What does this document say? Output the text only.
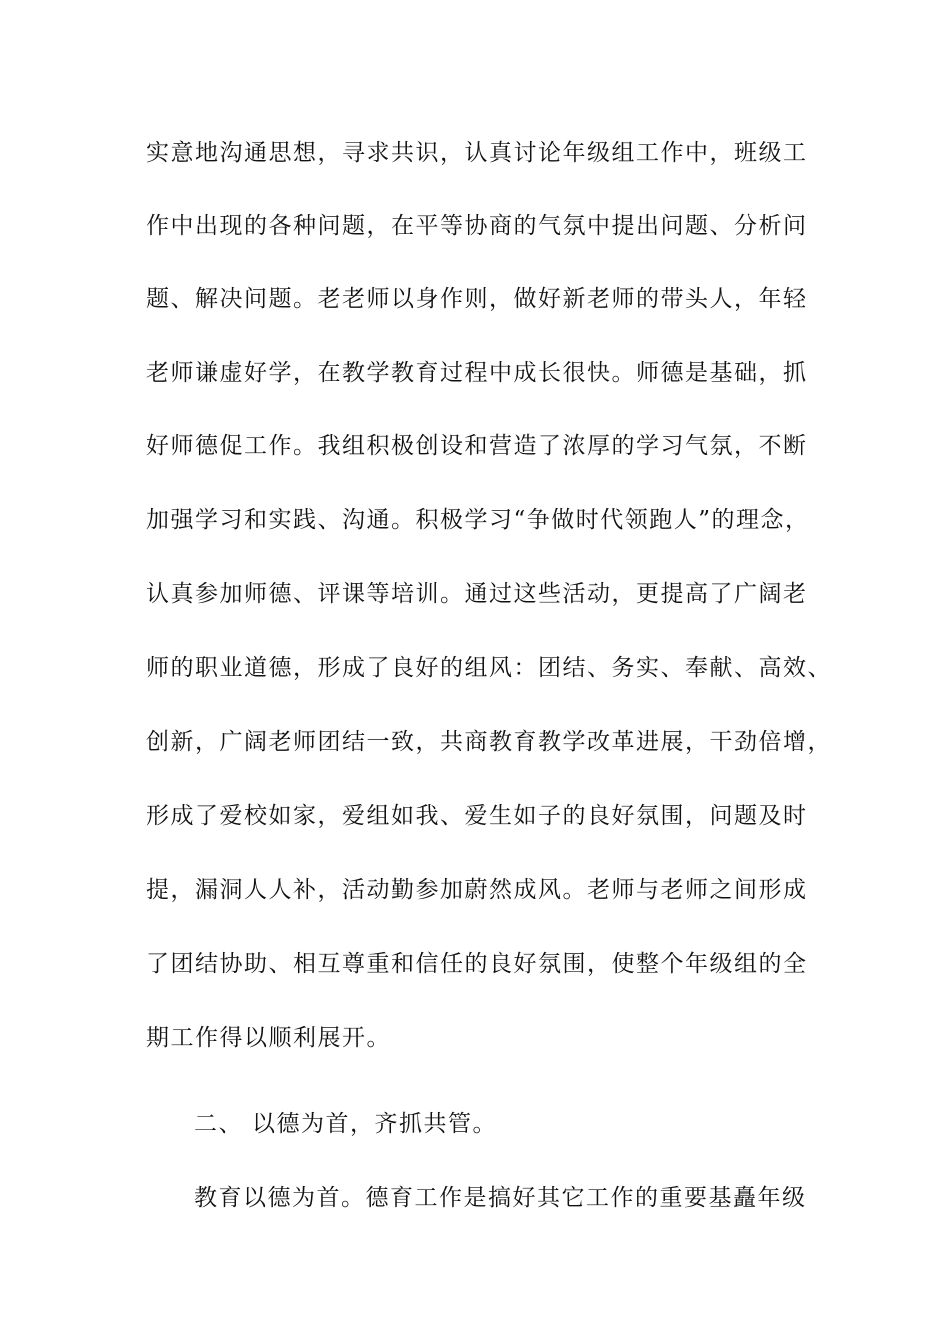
实意地沟通思想，寻求共识，认真讨论年级组工作中，班级工
作中出现的各种问题，在平等协商的气氛中提出问题、分析问
题、解决问题。老老师以身作则，做好新老师的带头人，年轻
老师谦虚好学，在教学教育过程中成长很快。师德是基础，抓
好师德促工作。我组积极创设和营造了浓厚的学习气氛，不断
加强学习和实践、沟通。积极学习“争做时代领跑人”的理念，
认真参加师德、评课等培训。通过这些活动，更提高了广阔老
师的职业道德，形成了良好的组风：团结、务实、奉献、高效、
创新，广阔老师团结一致，共商教育教学改革进展，干劲倍增，
形成了爱校如家，爱组如我、爱生如子的良好氛围，问题及时
提，漏洞人人补，活动勤参加蔚然成风。老师与老师之间形成
了团结协助、相互尊重和信任的良好氛围，使整个年级组的全
期工作得以顺利展开。
二、 以德为首，齐抓共管。
教育以德为首。德育工作是搞好其它工作的重要基矗年级
